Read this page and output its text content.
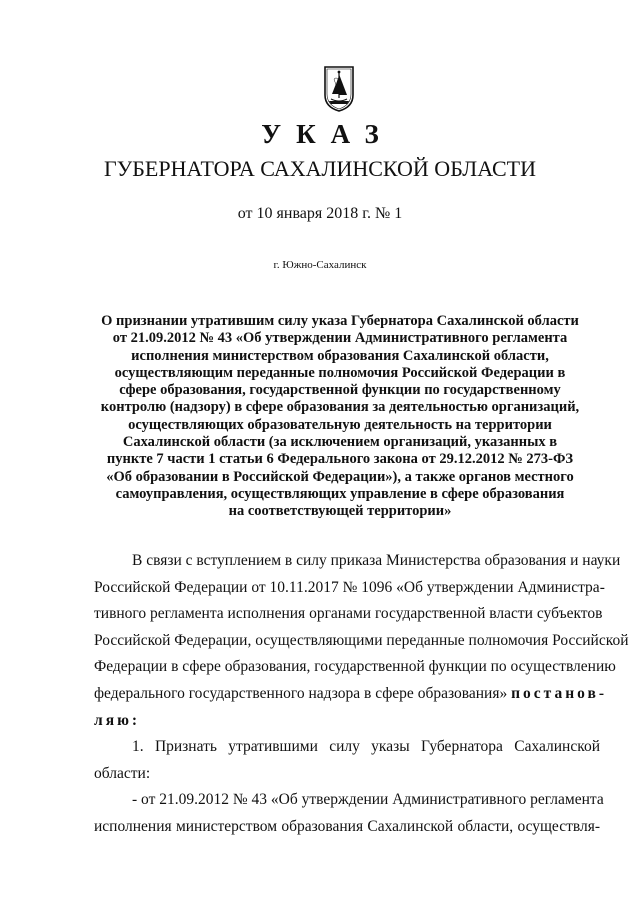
УКАЗ
ГУБЕРНАТОРА САХАЛИНСКОЙ ОБЛАСТИ
от 10 января 2018 г. № 1
г. Южно-Сахалинск
О признании утратившим силу указа Губернатора Сахалинской области
от 21.09.2012 № 43 «Об утверждении Административного регламента
исполнения министерством образования Сахалинской области,
осуществляющим переданные полномочия Российской Федерации в
сфере образования, государственной функции по государственному
контролю (надзору) в сфере образования за деятельностью организаций,
осуществляющих образовательную деятельность на территории
Сахалинской области (за исключением организаций, указанных в
пункте 7 части 1 статьи 6 Федерального закона от 29.12.2012 № 273-ФЗ
«Об образовании в Российской Федерации»), а также органов местного
самоуправления, осуществляющих управление в сфере образования
на соответствующей территории»
В связи с вступлением в силу приказа Министерства образования и науки
Российской Федерации от 10.11.2017 № 1096 «Об утверждении Администра-
тивного регламента исполнения органами государственной власти субъектов
Российской Федерации, осуществляющими переданные полномочия Российской
Федерации в сфере образования, государственной функции по осуществлению
федерального государственного надзора в сфере образования» постанов-
ляю:
1. Признать утратившими силу указы Губернатора Сахалинской
области:
- от 21.09.2012 № 43 «Об утверждении Административного регламента
исполнения министерством образования Сахалинской области, осуществля-
